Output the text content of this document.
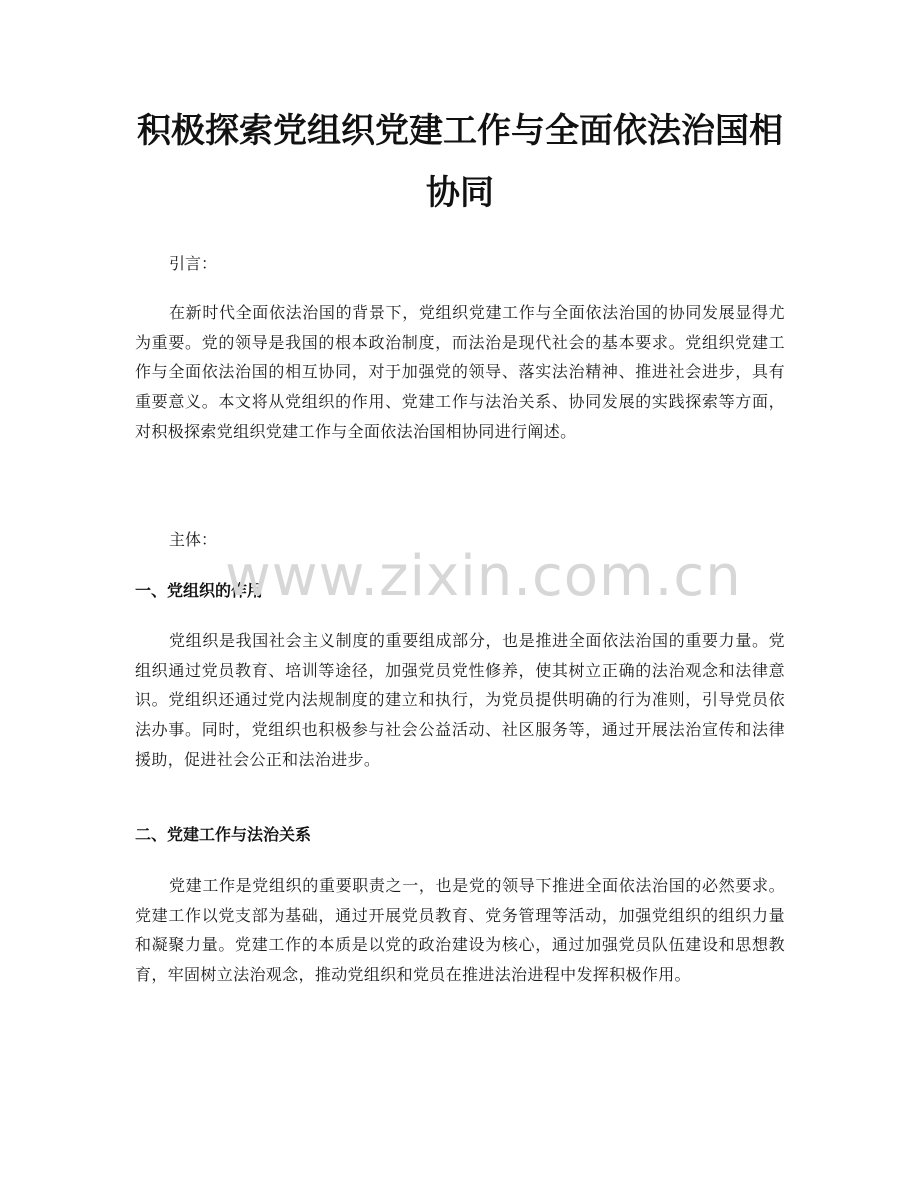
积极探索党组织党建工作与全面依法治国相
协同

引言：

在新时代全面依法治国的背景下，党组织党建工作与全面依法治国的协同发展显得尤为重要。党的领导是我国的根本政治制度，而法治是现代社会的基本要求。党组织党建工作与全面依法治国的相互协同，对于加强党的领导、落实法治精神、推进社会进步，具有重要意义。本文将从党组织的作用、党建工作与法治关系、协同发展的实践探索等方面，对积极探索党组织党建工作与全面依法治国相协同进行阐述。

主体：

一、党组织的作用

党组织是我国社会主义制度的重要组成部分，也是推进全面依法治国的重要力量。党组织通过党员教育、培训等途径，加强党员党性修养，使其树立正确的法治观念和法律意识。党组织还通过党内法规制度的建立和执行，为党员提供明确的行为准则，引导党员依法办事。同时，党组织也积极参与社会公益活动、社区服务等，通过开展法治宣传和法律援助，促进社会公正和法治进步。

二、党建工作与法治关系

党建工作是党组织的重要职责之一，也是党的领导下推进全面依法治国的必然要求。党建工作以党支部为基础，通过开展党员教育、党务管理等活动，加强党组织的组织力量和凝聚力量。党建工作的本质是以党的政治建设为核心，通过加强党员队伍建设和思想教育，牢固树立法治观念，推动党组织和党员在推进法治进程中发挥积极作用。

www.zixin.com.cn
